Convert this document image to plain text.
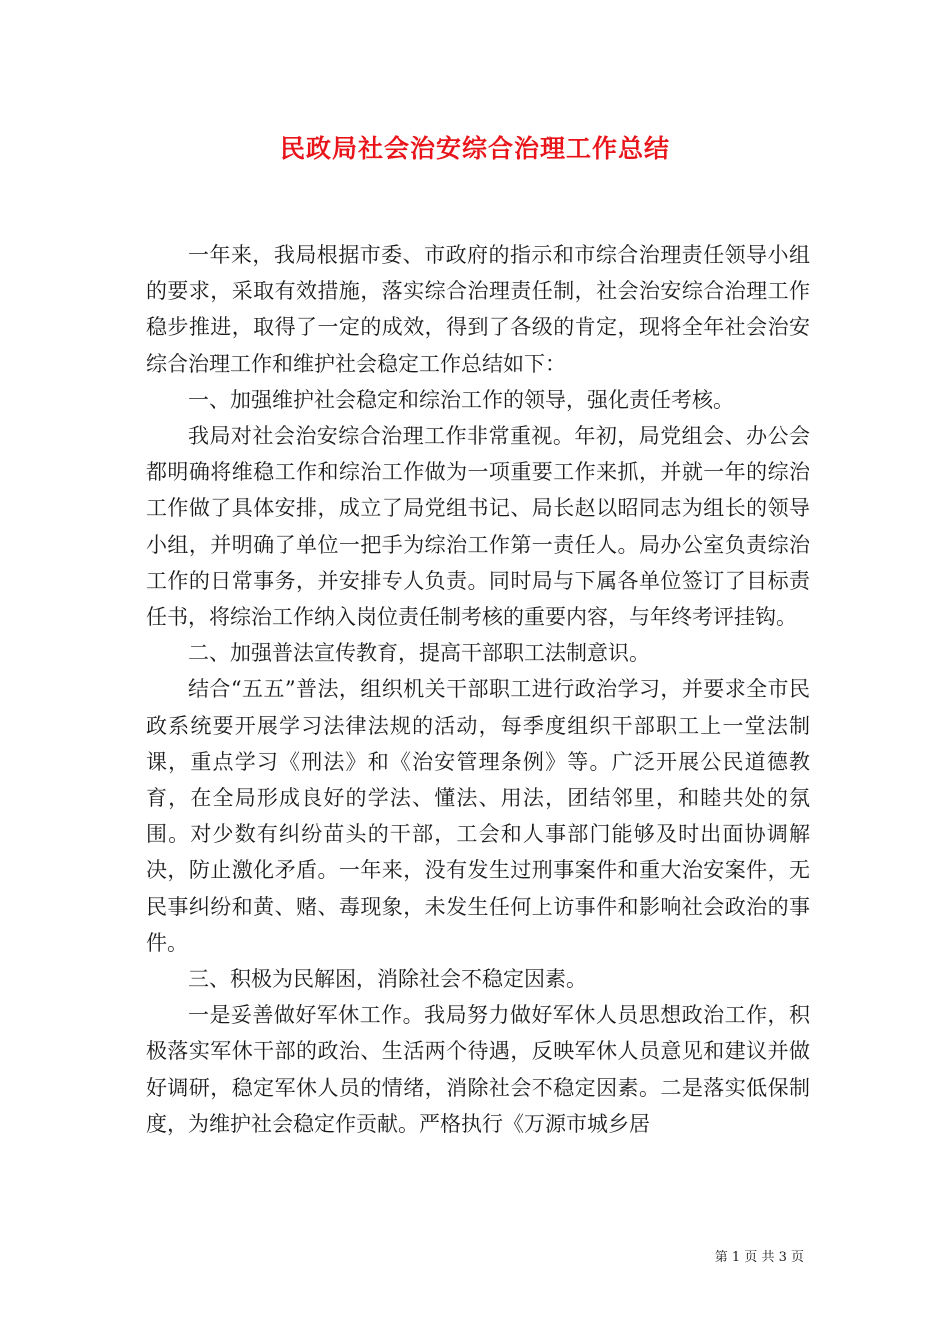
民政局社会治安综合治理工作总结

一年来，我局根据市委、市政府的指示和市综合治理责任领导小组的要求，采取有效措施，落实综合治理责任制，社会治安综合治理工作稳步推进，取得了一定的成效，得到了各级的肯定，现将全年社会治安综合治理工作和维护社会稳定工作总结如下：

一、加强维护社会稳定和综治工作的领导，强化责任考核。

我局对社会治安综合治理工作非常重视。年初，局党组会、办公会都明确将维稳工作和综治工作做为一项重要工作来抓，并就一年的综治工作做了具体安排，成立了局党组书记、局长赵以昭同志为组长的领导小组，并明确了单位一把手为综治工作第一责任人。局办公室负责综治工作的日常事务，并安排专人负责。同时局与下属各单位签订了目标责任书，将综治工作纳入岗位责任制考核的重要内容，与年终考评挂钩。

二、加强普法宣传教育，提高干部职工法制意识。

结合“五五”普法，组织机关干部职工进行政治学习，并要求全市民政系统要开展学习法律法规的活动，每季度组织干部职工上一堂法制课，重点学习《刑法》和《治安管理条例》等。广泛开展公民道德教育，在全局形成良好的学法、懂法、用法，团结邻里，和睦共处的氛围。对少数有纠纷苗头的干部，工会和人事部门能够及时出面协调解决，防止激化矛盾。一年来，没有发生过刑事案件和重大治安案件，无民事纠纷和黄、赌、毒现象，未发生任何上访事件和影响社会政治的事件。

三、积极为民解困，消除社会不稳定因素。

一是妥善做好军休工作。我局努力做好军休人员思想政治工作，积极落实军休干部的政治、生活两个待遇，反映军休人员意见和建议并做好调研，稳定军休人员的情绪，消除社会不稳定因素。二是落实低保制度，为维护社会稳定作贡献。严格执行《万源市城乡居

第 1 页 共 3 页
